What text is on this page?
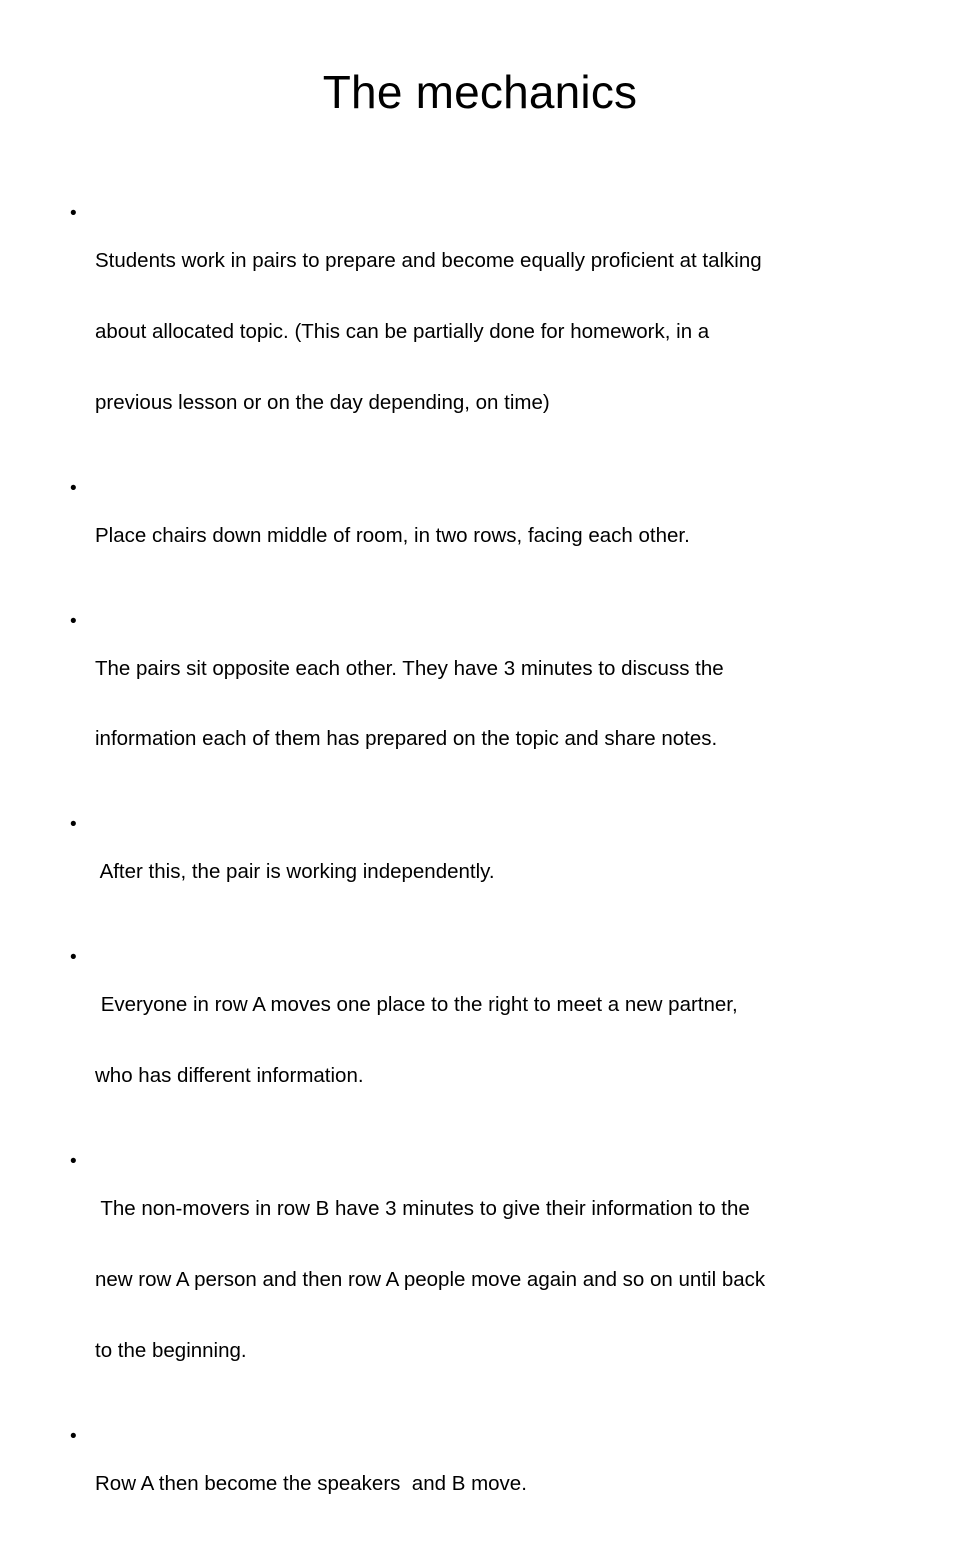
The mechanics
•

Students work in pairs to prepare and become equally proficient at talking

about allocated topic. (This can be partially done for homework, in a

previous lesson or on the day depending, on time)

•

Place chairs down middle of room, in two rows, facing each other.

•

The pairs sit opposite each other. They have 3 minutes to discuss the

information each of them has prepared on the topic and share notes.

•

After this, the pair is working independently.

•

Everyone in row A moves one place to the right to meet a new partner,

who has different information.

•

The non-movers in row B have 3 minutes to give their information to the

new row A person and then row A people move again and so on until back

to the beginning.

•

Row A then become the speakers  and B move.
